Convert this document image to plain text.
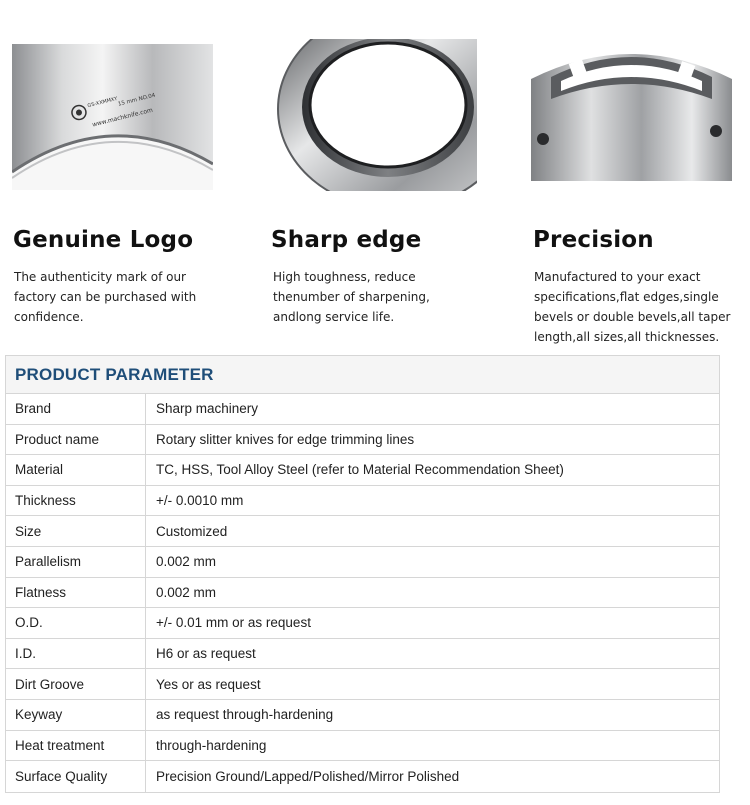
GS-XXMMXY 15 mm NO.04
www.machknife.com
Genuine Logo	Sharp edge	Precision
The authenticity mark of our
factory can be purchased with
confidence.
High toughness, reduce
thenumber of sharpening,
andlong service life.
Manufactured to your exact
specifications,flat edges,single
bevels or double bevels,all taper
length,all sizes,all thicknesses.
PRODUCT PARAMETER
Brand	Sharp machinery
Product name	Rotary slitter knives for edge trimming lines
Material	TC, HSS, Tool Alloy Steel (refer to Material Recommendation Sheet)
Thickness	+/- 0.0010 mm
Size	Customized
Parallelism	0.002 mm
Flatness	0.002 mm
O.D.	+/- 0.01 mm or as request
I.D.	H6 or as request
Dirt Groove	Yes or as request
Keyway	as request through-hardening
Heat treatment	through-hardening
Surface Quality	Precision Ground/Lapped/Polished/Mirror Polished
